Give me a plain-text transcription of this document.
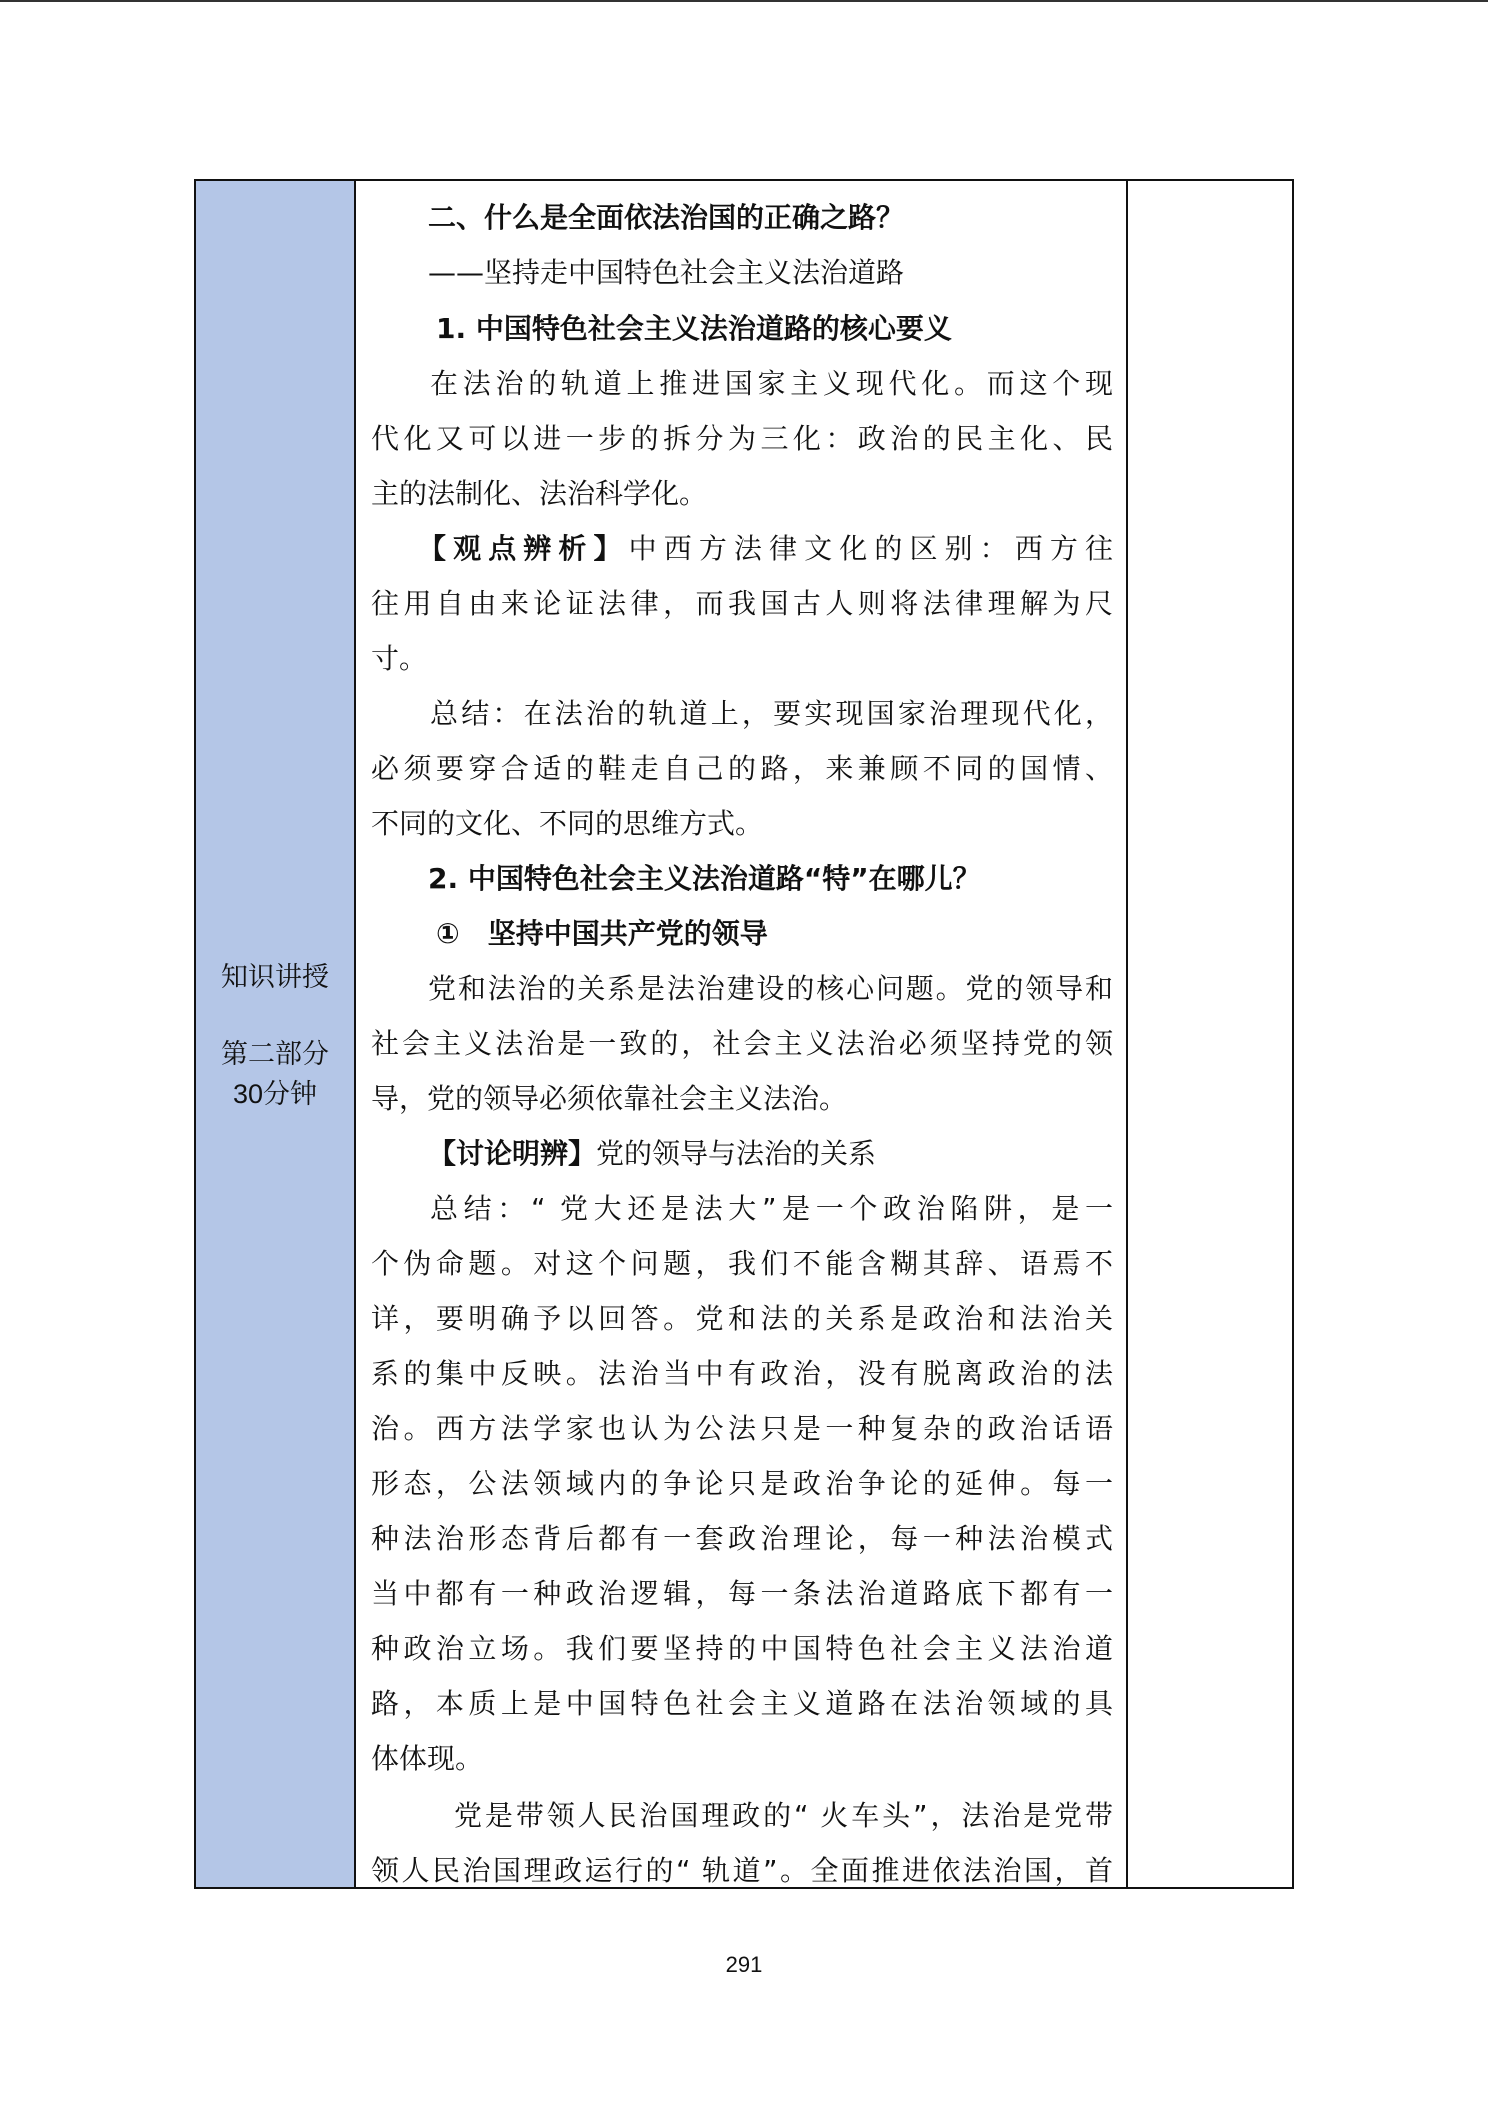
知识讲授
第二部分
30分钟
二、什么是全面依法治国的正确之路？
——坚持走中国特色社会主义法治道路
1. 中国特色社会主义法治道路的核心要义
在法治的轨道上推进国家主义现代化。而这个现
代化又可以进一步的拆分为三化：政治的民主化、民
主的法制化、法治科学化。
【观点辨析】中西方法律文化的区别：西方往
往用自由来论证法律，而我国古人则将法律理解为尺
寸。
总结：在法治的轨道上，要实现国家治理现代化，
必须要穿合适的鞋走自己的路，来兼顾不同的国情、
不同的文化、不同的思维方式。
2. 中国特色社会主义法治道路“特”在哪儿？
①　坚持中国共产党的领导
党和法治的关系是法治建设的核心问题。党的领导和
社会主义法治是一致的，社会主义法治必须坚持党的领
导，党的领导必须依靠社会主义法治。
【讨论明辨】党的领导与法治的关系
总结：“ 党大还是法大”是一个政治陷阱，是一
个伪命题。对这个问题，我们不能含糊其辞、语焉不
详，要明确予以回答。党和法的关系是政治和法治关
系的集中反映。法治当中有政治，没有脱离政治的法
治。西方法学家也认为公法只是一种复杂的政治话语
形态，公法领域内的争论只是政治争论的延伸。每一
种法治形态背后都有一套政治理论，每一种法治模式
当中都有一种政治逻辑，每一条法治道路底下都有一
种政治立场。我们要坚持的中国特色社会主义法治道
路，本质上是中国特色社会主义道路在法治领域的具
体体现。
党是带领人民治国理政的“ 火车头”，法治是党带
领人民治国理政运行的“ 轨道”。全面推进依法治国，首
291
